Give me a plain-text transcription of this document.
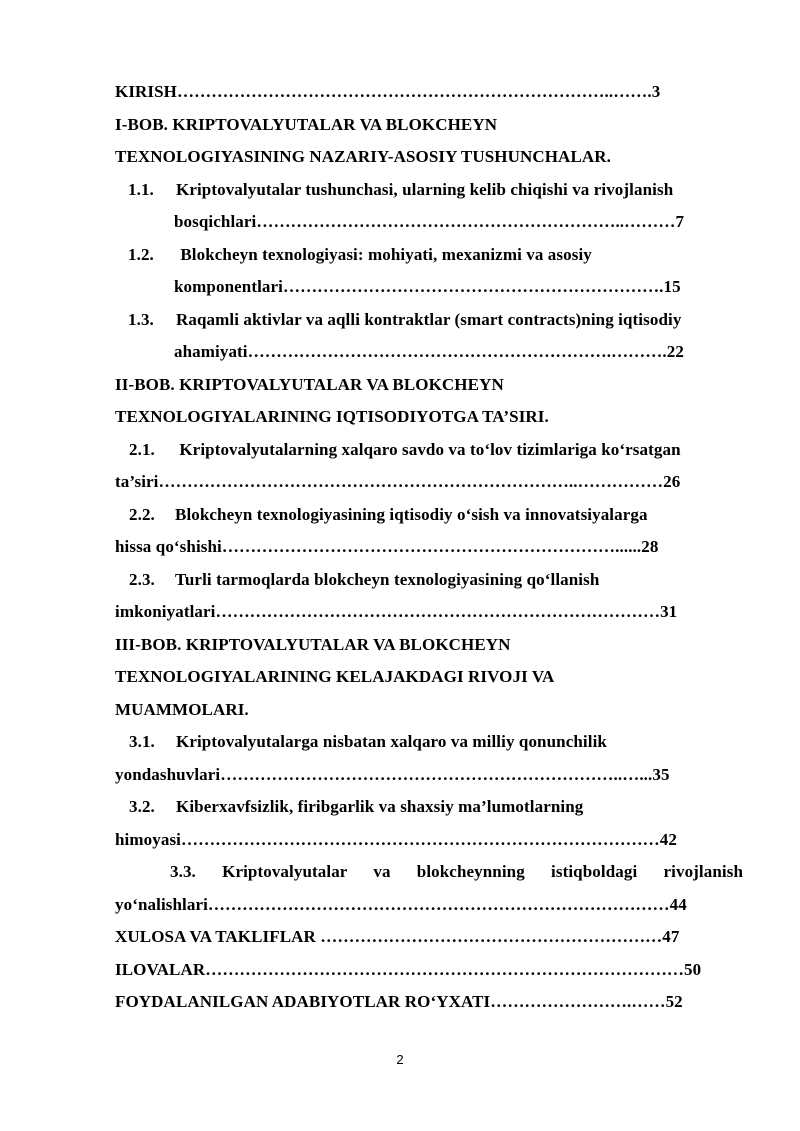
KIRISH…………………………………………………………………..…….3
I-BOB. KRIPTOVALYUTALAR VA BLOKCHEYN
TEXNOLOGIYASINING NAZARIY-ASOSIY TUSHUNCHALAR.
1.1. Kriptovalyutalar tushunchasi, ularning kelib chiqishi va rivojlanish
bosqichlari………………………………………………………..………7
1.2. Blokcheyn texnologiyasi: mohiyati, mexanizmi va asosiy
komponentlari………………………………………………………….15
1.3. Raqamli aktivlar va aqlli kontraktlar (smart contracts)ning iqtisodiy
ahamiyati……………………………………………………….……….22
II-BOB. KRIPTOVALYUTALAR VA BLOKCHEYN
TEXNOLOGIYALARINING IQTISODIYOTGA TA’SIRI.
2.1. Kriptovalyutalarning xalqaro savdo va to‘lov tizimlariga ko‘rsatgan
ta’siri………………………………………………………………..……………26
2.2. Blokcheyn texnologiyasining iqtisodiy o‘sish va innovatsiyalarga
hissa qo‘shishi……………………………………………………………......28
2.3. Turli tarmoqlarda blokcheyn texnologiyasining qo‘llanish
imkoniyatlari……………………………………………………………………31
III-BOB. KRIPTOVALYUTALAR VA BLOKCHEYN
TEXNOLOGIYALARINING KELAJAKDAGI RIVOJI VA
MUAMMOLARI.
3.1. Kriptovalyutalarga nisbatan xalqaro va milliy qonunchilik
yondashuvlari……………………………………………………………..…...35
3.2. Kiberxavfsizlik, firibgarlik va shaxsiy ma’lumotlarning
himoyasi…………………………………………………………………………42
3.3. Kriptovalyutalar va blokcheynning istiqboldagi rivojlanish
yo‘nalishlari………………………………………………………………………44
XULOSA VA TAKLIFLAR ……………………………………………………47
ILOVALAR…………………………………………………………………………50
FOYDALANILGAN ADABIYOTLAR RO‘YXATI…………………….……52
2
